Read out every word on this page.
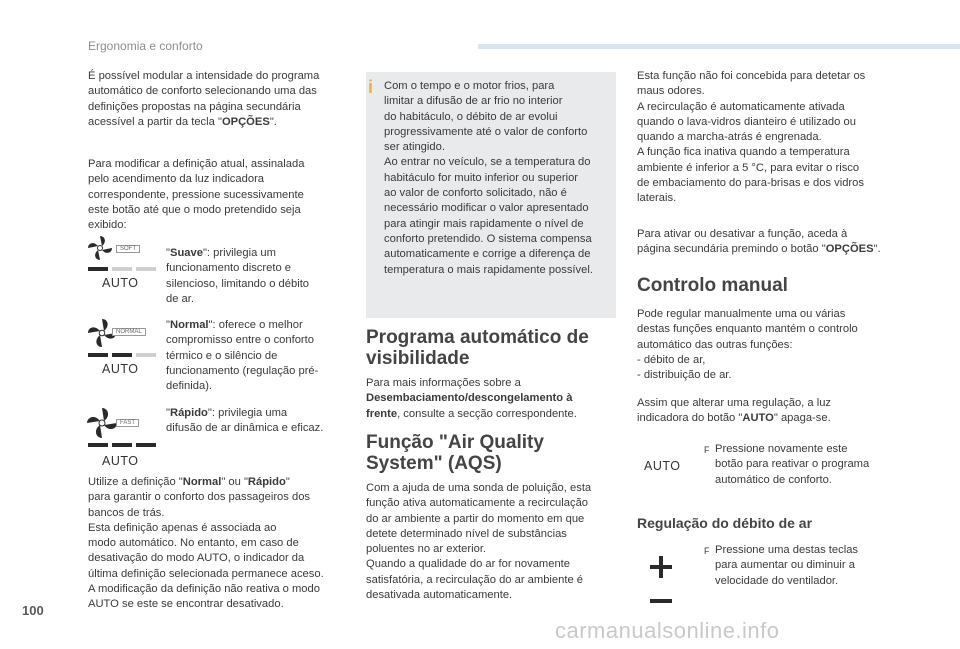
Ergonomia e conforto

É possível modular a intensidade do programa
automático de conforto selecionando uma das
definições propostas na página secundária
acessível a partir da tecla "OPÇÕES".

Para modificar a definição atual, assinalada
pelo acendimento da luz indicadora
correspondente, pressione sucessivamente
este botão até que o modo pretendido seja
exibido:

SOFT
AUTO

"Suave": privilegia um
funcionamento discreto e
silencioso, limitando o débito
de ar.

NORMAL
AUTO

"Normal": oferece o melhor
compromisso entre o conforto
térmico e o silêncio de
funcionamento (regulação pré-
definida).

FAST
AUTO

"Rápido": privilegia uma
difusão de ar dinâmica e eficaz.

Utilize a definição "Normal" ou "Rápido"
para garantir o conforto dos passageiros dos
bancos de trás.
Esta definição apenas é associada ao
modo automático. No entanto, em caso de
desativação do modo AUTO, o indicador da
última definição selecionada permanece aceso.
A modificação da definição não reativa o modo
AUTO se este se encontrar desativado.

i Com o tempo e o motor frios, para
limitar a difusão de ar frio no interior
do habitáculo, o débito de ar evolui
progressivamente até o valor de conforto
ser atingido.
Ao entrar no veículo, se a temperatura do
habitáculo for muito inferior ou superior
ao valor de conforto solicitado, não é
necessário modificar o valor apresentado
para atingir mais rapidamente o nível de
conforto pretendido. O sistema compensa
automaticamente e corrige a diferença de
temperatura o mais rapidamente possível.

Programa automático de
visibilidade

Para mais informações sobre a
Desembaciamento/descongelamento à
frente, consulte a secção correspondente.

Função "Air Quality
System" (AQS)

Com a ajuda de uma sonda de poluição, esta
função ativa automaticamente a recirculação
do ar ambiente a partir do momento em que
detete determinado nível de substâncias
poluentes no ar exterior.
Quando a qualidade do ar for novamente
satisfatória, a recirculação do ar ambiente é
desativada automaticamente.

Esta função não foi concebida para detetar os
maus odores.
A recirculação é automaticamente ativada
quando o lava-vidros dianteiro é utilizado ou
quando a marcha-atrás é engrenada.
A função fica inativa quando a temperatura
ambiente é inferior a 5 °C, para evitar o risco
de embaciamento do para-brisas e dos vidros
laterais.

Para ativar ou desativar a função, aceda à
página secundária premindo o botão "OPÇÕES".

Controlo manual

Pode regular manualmente uma ou várias
destas funções enquanto mantém o controlo
automático das outras funções:
- débito de ar,
- distribuição de ar.

Assim que alterar uma regulação, a luz
indicadora do botão "AUTO" apaga-se.

AUTO
F Pressione novamente este
botão para reativar o programa
automático de conforto.

Regulação do débito de ar
F Pressione uma destas teclas
para aumentar ou diminuir a
velocidade do ventilador.

100
carmanualsonline.info
